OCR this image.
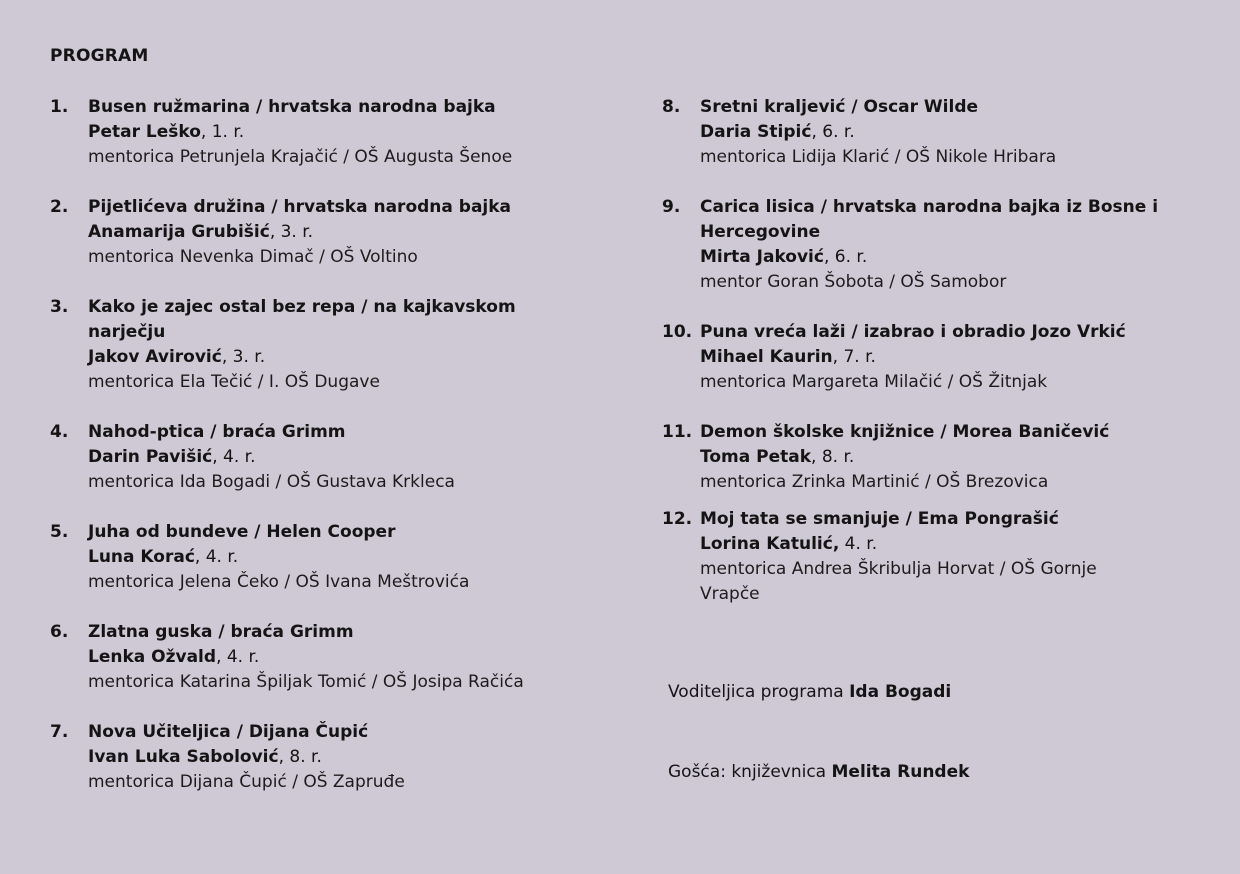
PROGRAM
1.	Busen ružmarina / hrvatska narodna bajka
Petar Leško, 1. r.
mentorica Petrunjela Krajačić / OŠ Augusta Šenoe
2.	Pijetlićeva družina / hrvatska narodna bajka
Anamarija Grubišić, 3. r.
mentorica Nevenka Dimač / OŠ Voltino
3.	Kako je zajec ostal bez repa / na kajkavskom narječju
Jakov Avirović, 3. r.
mentorica Ela Tečić / I. OŠ Dugave
4.	Nahod-ptica / braća Grimm
Darin Pavišić, 4. r.
mentorica Ida Bogadi / OŠ Gustava Krkleca
5.	Juha od bundeve / Helen Cooper
Luna Korać, 4. r.
mentorica Jelena Čeko / OŠ Ivana Meštrovića
6.	Zlatna guska / braća Grimm
Lenka Ožvald, 4. r.
mentorica Katarina Špiljak Tomić / OŠ Josipa Račića
7.	Nova Učiteljica / Dijana Čupić
Ivan Luka Sabolović, 8. r.
mentorica Dijana Čupić / OŠ Zapruđe
8.	Sretni kraljević / Oscar Wilde
Daria Stipić, 6. r.
mentorica Lidija Klarić / OŠ Nikole Hribara
9.	Carica lisica / hrvatska narodna bajka iz Bosne i Hercegovine
Mirta Jaković, 6. r.
mentor Goran Šobota / OŠ Samobor
10. Puna vreća laži / izabrao i obradio Jozo Vrkić
Mihael Kaurin, 7. r.
mentorica Margareta Milačić / OŠ Žitnjak
11. Demon školske knjižnice / Morea Baničević
Toma Petak, 8. r.
mentorica Zrinka Martinić / OŠ Brezovica
12. Moj tata se smanjuje / Ema Pongrašić
Lorina Katulić, 4. r.
mentorica Andrea Škribulja Horvat / OŠ Gornje Vrapče
Voditeljica programa Ida Bogadi
Gošća: književnica Melita Rundek
